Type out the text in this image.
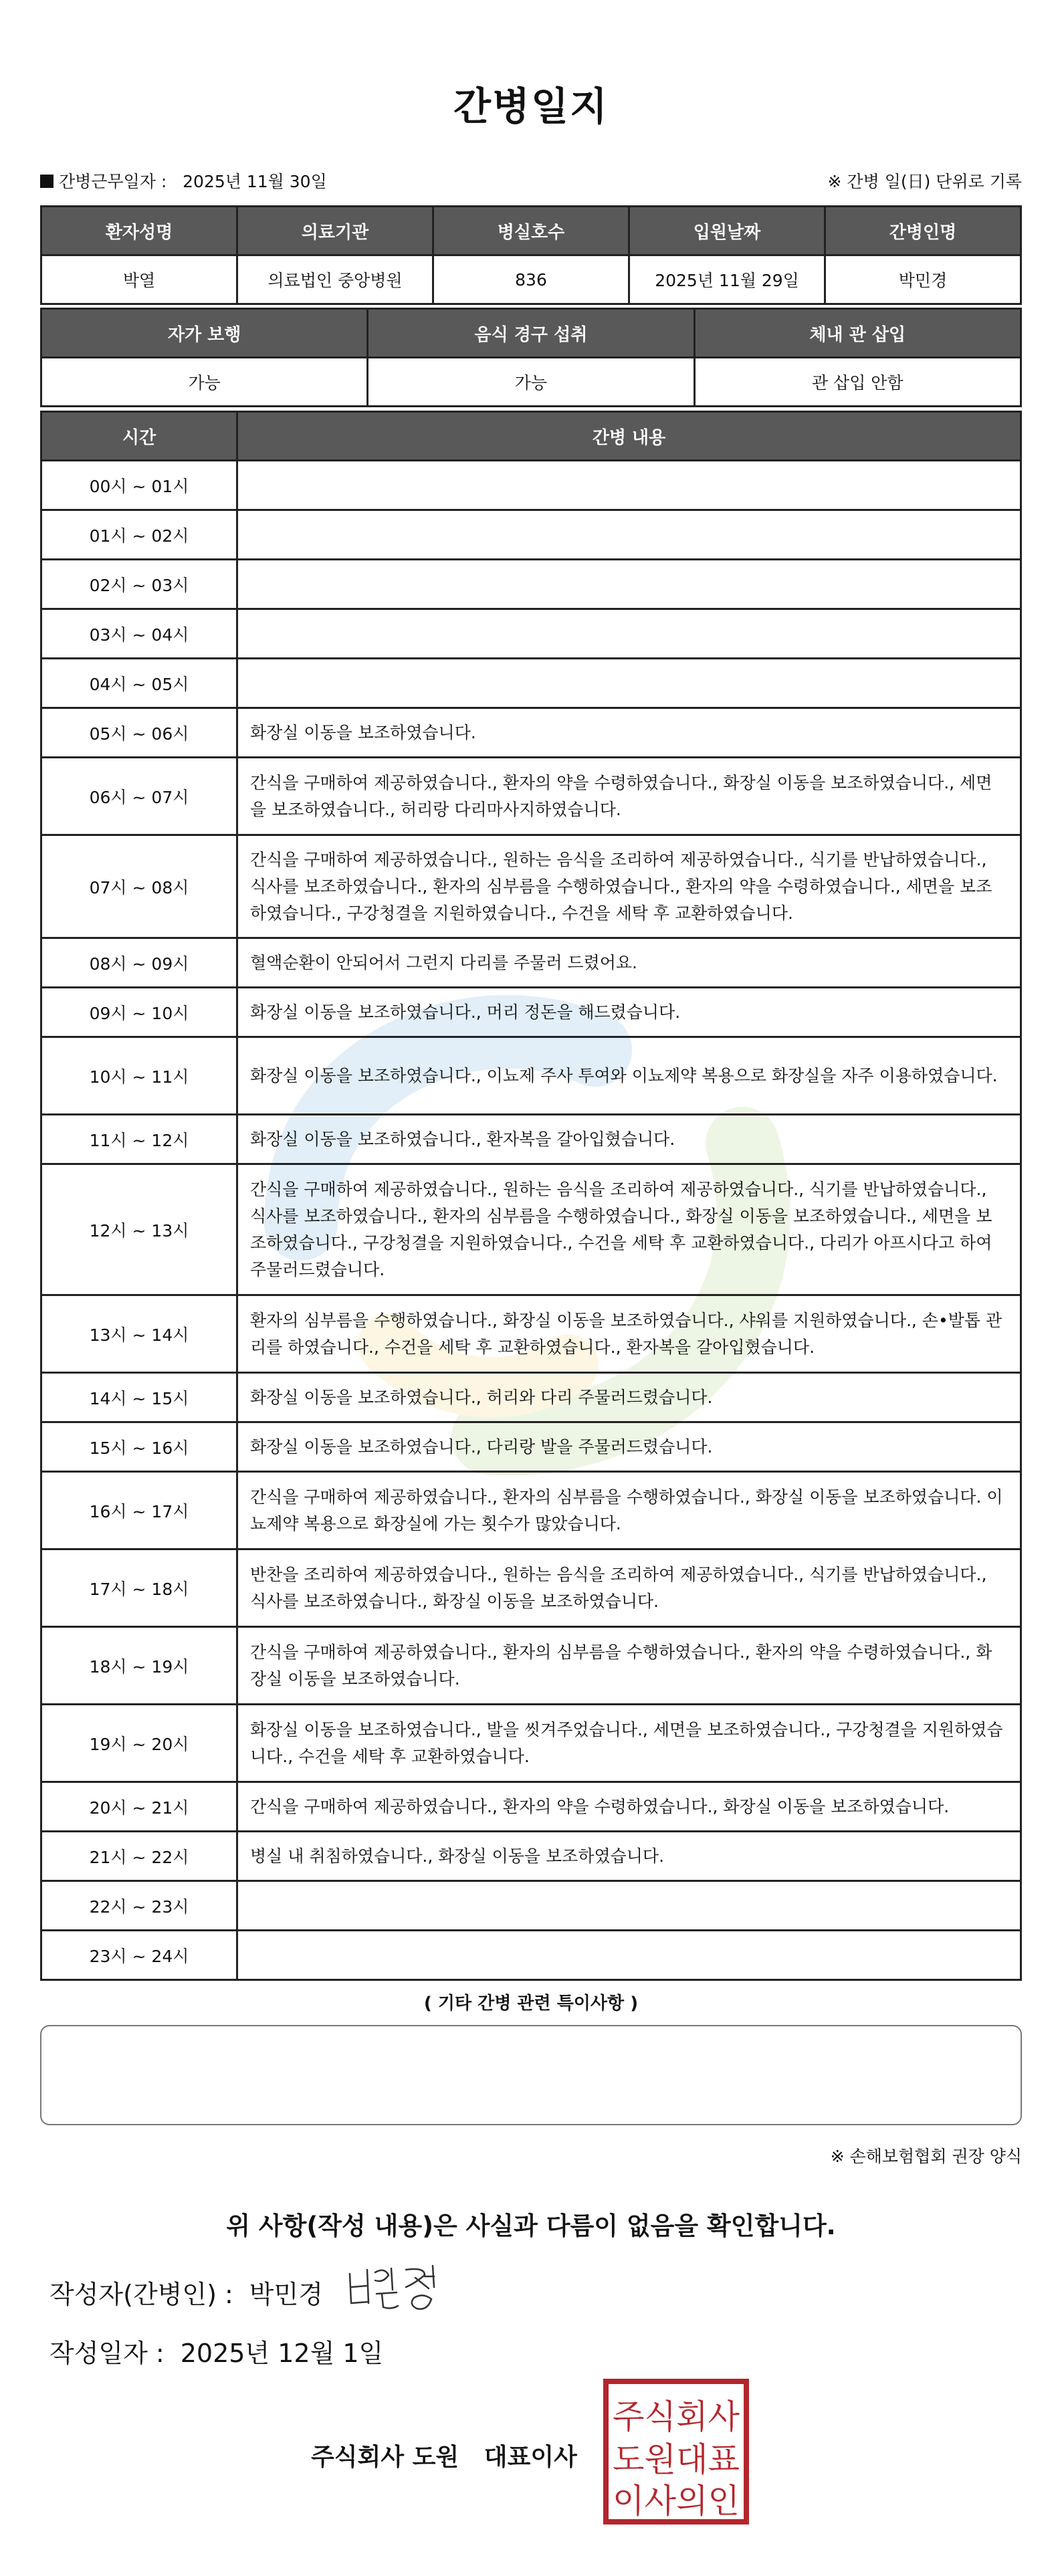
간병일지
간병근무일자 :   2025년 11월 30일	※ 간병 일(日) 단위로 기록
환자성명	의료기관	병실호수	입원날짜	간병인명
박열	의료법인 중앙병원	836	2025년 11월 29일	박민경
자가 보행	음식 경구 섭취	체내 관 삽입
가능	가능	관 삽입 안함
시간	간병 내용
00시 ~ 01시	
01시 ~ 02시	
02시 ~ 03시	
03시 ~ 04시	
04시 ~ 05시	
05시 ~ 06시	화장실 이동을 보조하였습니다.
06시 ~ 07시	간식을 구매하여 제공하였습니다., 환자의 약을 수령하였습니다., 화장실 이동을 보조하였습니다., 세면을 보조하였습니다., 허리랑 다리마사지하였습니다.
07시 ~ 08시	간식을 구매하여 제공하였습니다., 원하는 음식을 조리하여 제공하였습니다., 식기를 반납하였습니다., 식사를 보조하였습니다., 환자의 심부름을 수행하였습니다., 환자의 약을 수령하였습니다., 세면을 보조하였습니다., 구강청결을 지원하였습니다., 수건을 세탁 후 교환하였습니다.
08시 ~ 09시	혈액순환이 안되어서 그런지 다리를 주물러 드렸어요.
09시 ~ 10시	화장실 이동을 보조하였습니다., 머리 정돈을 해드렸습니다.
10시 ~ 11시	화장실 이동을 보조하였습니다., 이뇨제 주사 투여와 이뇨제약 복용으로 화장실을 자주 이용하였습니다.
11시 ~ 12시	화장실 이동을 보조하였습니다., 환자복을 갈아입혔습니다.
12시 ~ 13시	간식을 구매하여 제공하였습니다., 원하는 음식을 조리하여 제공하였습니다., 식기를 반납하였습니다., 식사를 보조하였습니다., 환자의 심부름을 수행하였습니다., 화장실 이동을 보조하였습니다., 세면을 보조하였습니다., 구강청결을 지원하였습니다., 수건을 세탁 후 교환하였습니다., 다리가 아프시다고 하여 주물러드렸습니다.
13시 ~ 14시	환자의 심부름을 수행하였습니다., 화장실 이동을 보조하였습니다., 샤워를 지원하였습니다., 손•발톱 관리를 하였습니다., 수건을 세탁 후 교환하였습니다., 환자복을 갈아입혔습니다.
14시 ~ 15시	화장실 이동을 보조하였습니다., 허리와 다리 주물러드렸습니다.
15시 ~ 16시	화장실 이동을 보조하였습니다., 다리랑 발을 주물러드렸습니다.
16시 ~ 17시	간식을 구매하여 제공하였습니다., 환자의 심부름을 수행하였습니다., 화장실 이동을 보조하였습니다. 이뇨제약 복용으로 화장실에 가는 횟수가 많았습니다.
17시 ~ 18시	반찬을 조리하여 제공하였습니다., 원하는 음식을 조리하여 제공하였습니다., 식기를 반납하였습니다., 식사를 보조하였습니다., 화장실 이동을 보조하였습니다.
18시 ~ 19시	간식을 구매하여 제공하였습니다., 환자의 심부름을 수행하였습니다., 환자의 약을 수령하였습니다., 화장실 이동을 보조하였습니다.
19시 ~ 20시	화장실 이동을 보조하였습니다., 발을 씻겨주었습니다., 세면을 보조하였습니다., 구강청결을 지원하였습니다., 수건을 세탁 후 교환하였습니다.
20시 ~ 21시	간식을 구매하여 제공하였습니다., 환자의 약을 수령하였습니다., 화장실 이동을 보조하였습니다.
21시 ~ 22시	병실 내 취침하였습니다., 화장실 이동을 보조하였습니다.
22시 ~ 23시	
23시 ~ 24시	
( 기타 간병 관련 특이사항 )
※ 손해보험협회 권장 양식
위 사항(작성 내용)은 사실과 다름이 없음을 확인합니다.
작성자(간병인) : 박민경
작성일자 : 2025년 12월 1일
주식회사 도원   대표이사
주식회사
도원대표
이사의인
